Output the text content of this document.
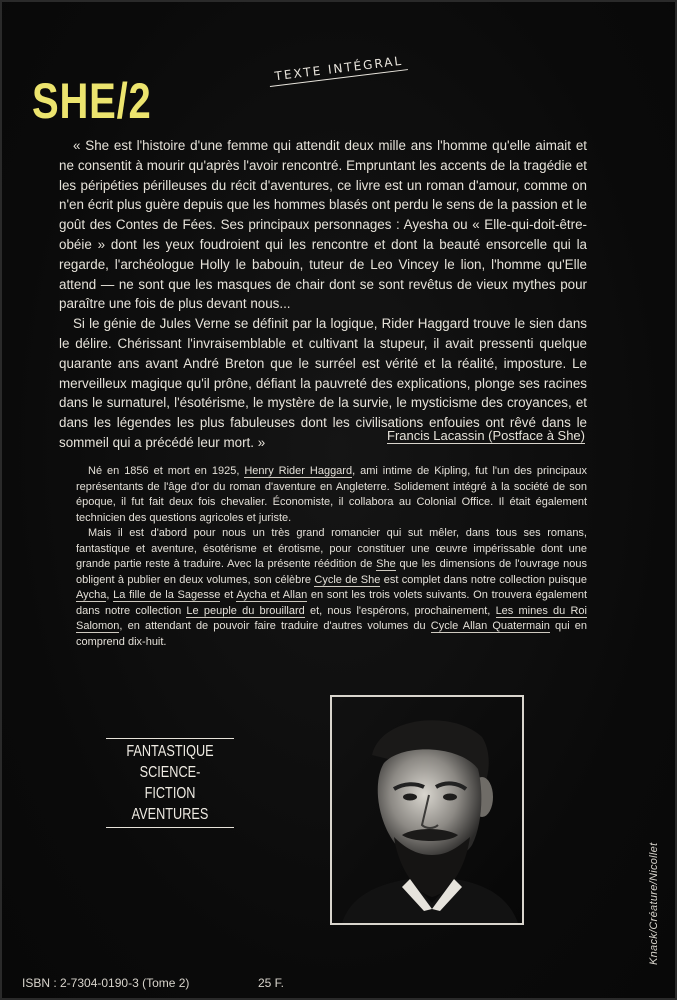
SHE/2
TEXTE INTÉGRAL

« She est l'histoire d'une femme qui attendit deux mille ans l'homme qu'elle aimait et ne consentit à mourir qu'après l'avoir rencontré. Empruntant les accents de la tragédie et les péripéties périlleuses du récit d'aventures, ce livre est un roman d'amour, comme on n'en écrit plus guère depuis que les hommes blasés ont perdu le sens de la passion et le goût des Contes de Fées. Ses principaux personnages : Ayesha ou « Elle-qui-doit-être-obéie » dont les yeux foudroient qui les rencontre et dont la beauté ensorcelle qui la regarde, l'archéologue Holly le babouin, tuteur de Leo Vincey le lion, l'homme qu'Elle attend — ne sont que les masques de chair dont se sont revêtus de vieux mythes pour paraître une fois de plus devant nous...

Si le génie de Jules Verne se définit par la logique, Rider Haggard trouve le sien dans le délire. Chérissant l'invraisemblable et cultivant la stupeur, il avait pressenti quelque quarante ans avant André Breton que le surréel est vérité et la réalité, imposture. Le merveilleux magique qu'il prône, défiant la pauvreté des explications, plonge ses racines dans le surnaturel, l'ésotérisme, le mystère de la survie, le mysticisme des croyances, et dans les légendes les plus fabuleuses dont les civilisations enfouies ont rêvé dans le sommeil qui a précédé leur mort. »	Francis Lacassin (Postface à She)

Né en 1856 et mort en 1925, Henry Rider Haggard, ami intime de Kipling, fut l'un des principaux représentants de l'âge d'or du roman d'aventure en Angleterre. Solidement intégré à la société de son époque, il fut fait deux fois chevalier. Économiste, il collabora au Colonial Office. Il était également technicien des questions agricoles et juriste.

Mais il est d'abord pour nous un très grand romancier qui sut mêler, dans tous ses romans, fantastique et aventure, ésotérisme et érotisme, pour constituer une œuvre impérissable dont une grande partie reste à traduire. Avec la présente réédition de She que les dimensions de l'ouvrage nous obligent à publier en deux volumes, son célèbre Cycle de She est complet dans notre collection puisque Aycha, La fille de la Sagesse et Aycha et Allan en sont les trois volets suivants. On trouvera également dans notre collection Le peuple du brouillard et, nous l'espérons, prochainement, Les mines du Roi Salomon, en attendant de pouvoir faire traduire d'autres volumes du Cycle Allan Quatermain qui en comprend dix-huit.

FANTASTIQUE
SCIENCE-FICTION
AVENTURES
Knack/Créature/Nicollet
ISBN : 2-7304-0190-3 (Tome 2)	25 F.
